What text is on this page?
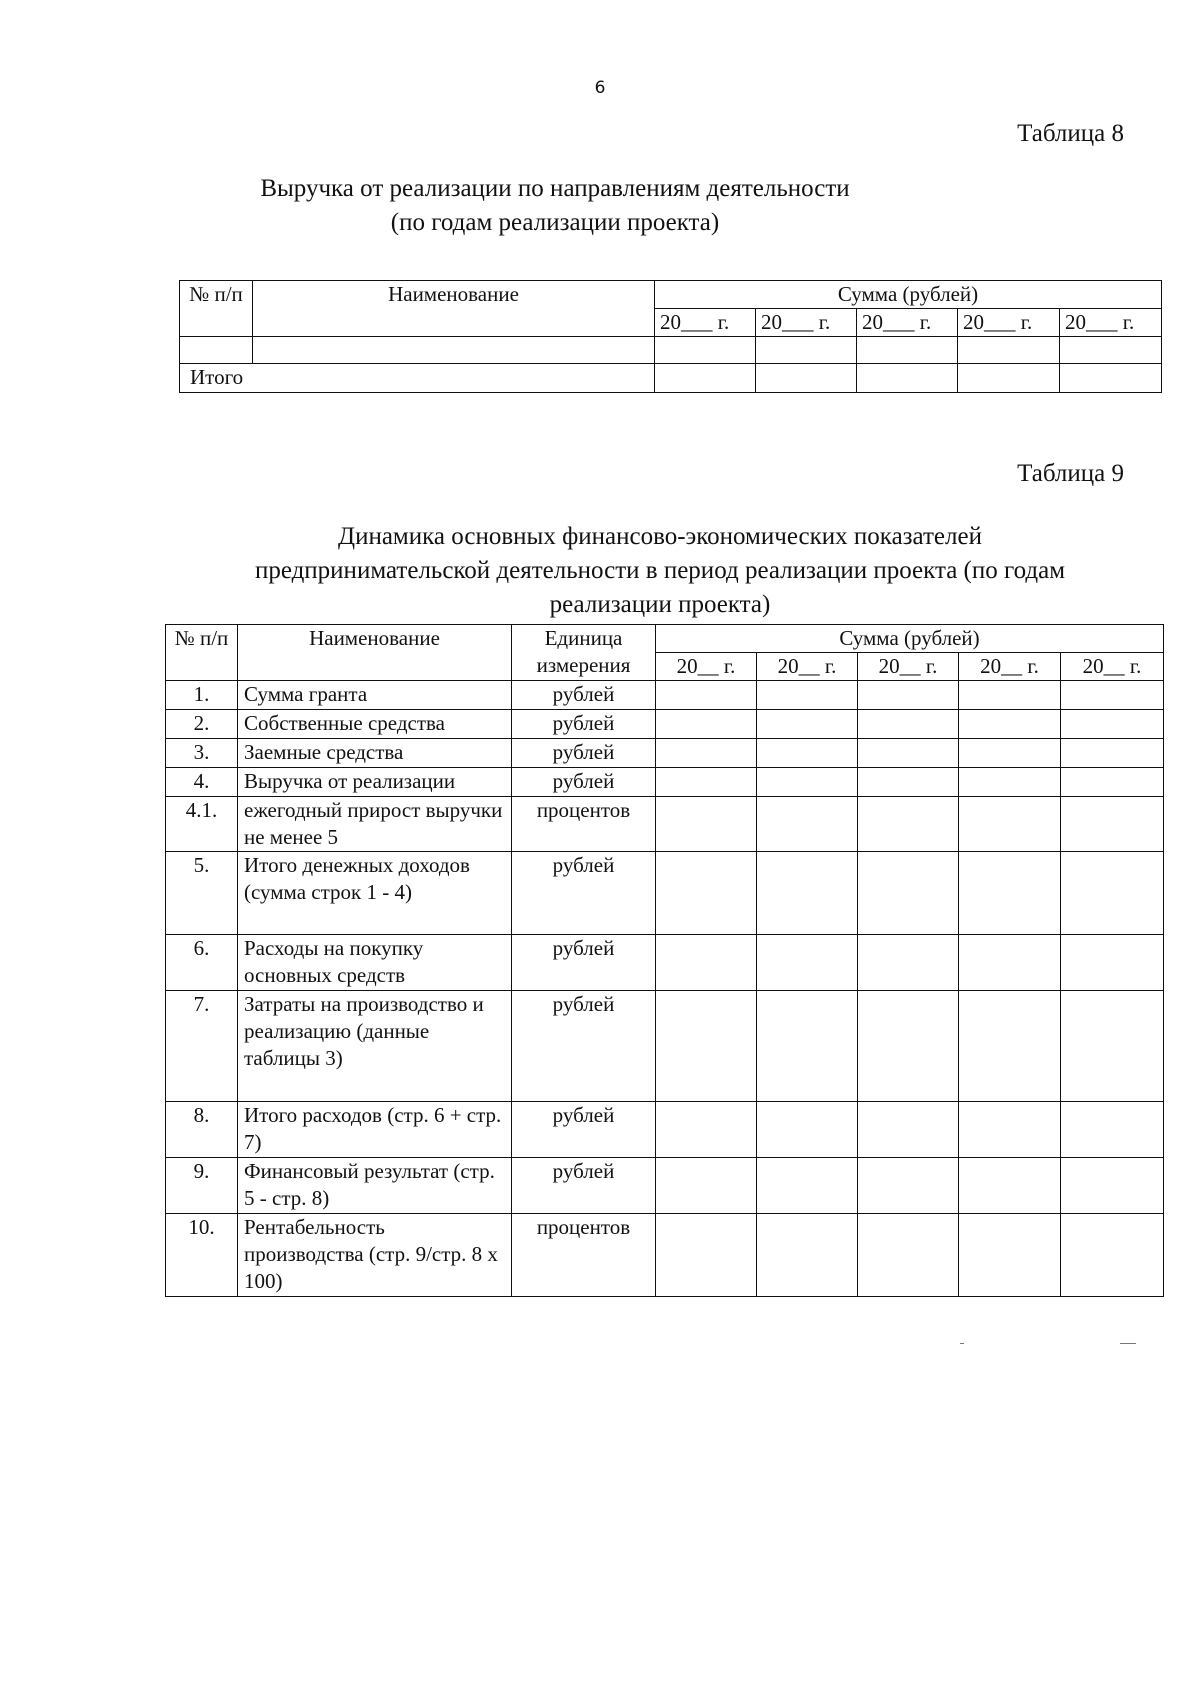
6
Таблица 8
Выручка от реализации по направлениям деятельности (по годам реализации проекта)
№ п/п	Наименование	Сумма (рублей)				
		20___ г.	20___ г.	20___ г.	20___ г.	20___ г.

Итого						
Таблица 9
Динамика основных финансово-экономических показателей предпринимательской деятельности в период реализации проекта (по годам реализации проекта)
№ п/п	Наименование	Единица измерения	Сумма (рублей)				
			20__ г.	20__ г.	20__ г.	20__ г.	20__ г.
1.	Сумма гранта	рублей					
2.	Собственные средства	рублей					
3.	Заемные средства	рублей					
4.	Выручка от реализации	рублей					
4.1.	ежегодный прирост выручки не менее 5	процентов					
5.	Итого денежных доходов (сумма строк 1 - 4)	рублей					
6.	Расходы на покупку основных средств	рублей					
7.	Затраты на производство и реализацию (данные таблицы 3)	рублей					
8.	Итого расходов (стр. 6 + стр. 7)	рублей					
9.	Финансовый результат (стр. 5 - стр. 8)	рублей					
10.	Рентабельность производства (стр. 9/стр. 8 x 100)	процентов					
